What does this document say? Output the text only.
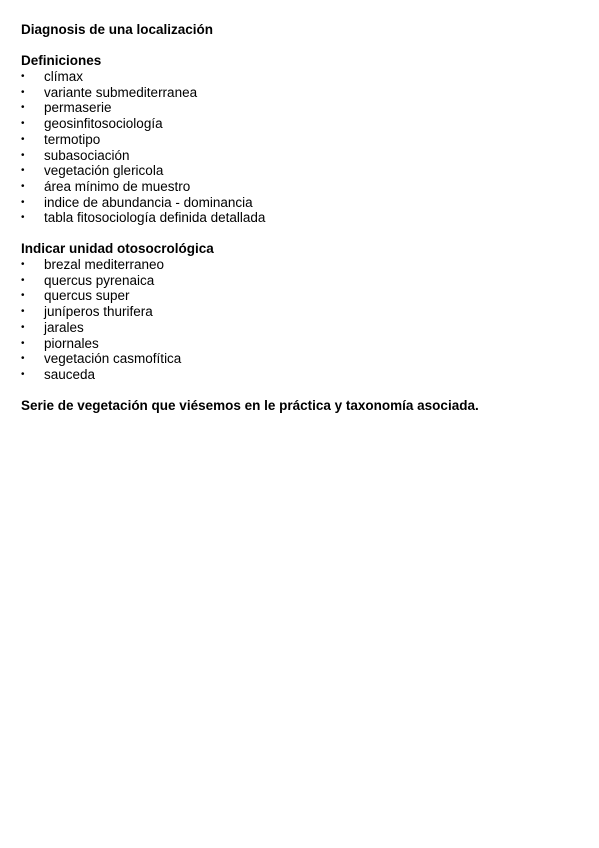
Diagnosis de una localización

Definiciones

•	clímax
•	variante submediterranea
•	permaserie
•	geosinfitosociología
•	termotipo
•	subasociación
•	vegetación glericola
•	área mínimo de muestro
•	indice de abundancia - dominancia
•	tabla fitosociología definida detallada

Indicar unidad otosocrológica

•	brezal mediterraneo
•	quercus pyrenaica
•	quercus super
•	juníperos thurifera
•	jarales
•	piornales
•	vegetación casmofítica
•	sauceda

Serie de vegetación que viésemos en le práctica y taxonomía asociada.
